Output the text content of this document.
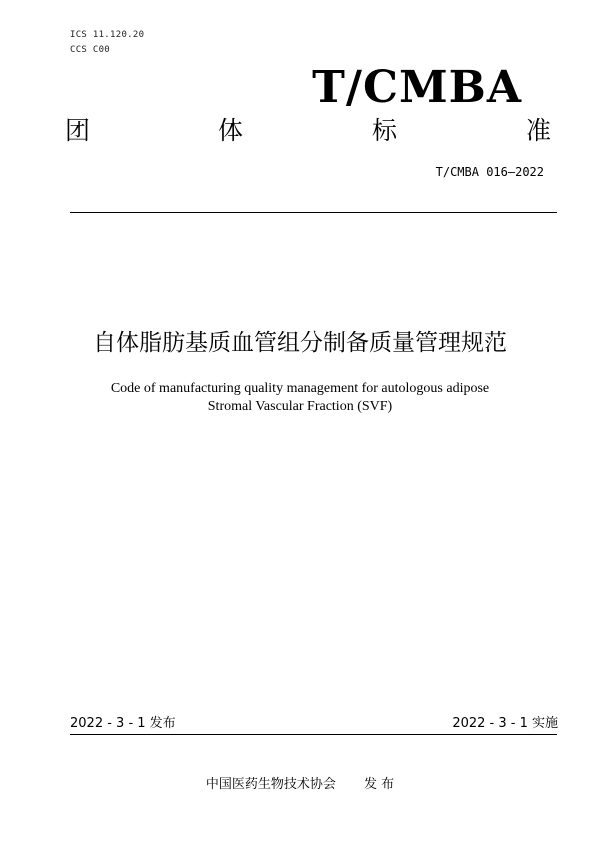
ICS 11.120.20
CCS C00
T/CMBA
团	体	标	准
T/CMBA 016—2022
自体脂肪基质血管组分制备质量管理规范
Code of manufacturing quality management for autologous adipose
Stromal Vascular Fraction (SVF)
2022 - 3 - 1 发布	2022 - 3 - 1 实施
中国医药生物技术协会 发 布
